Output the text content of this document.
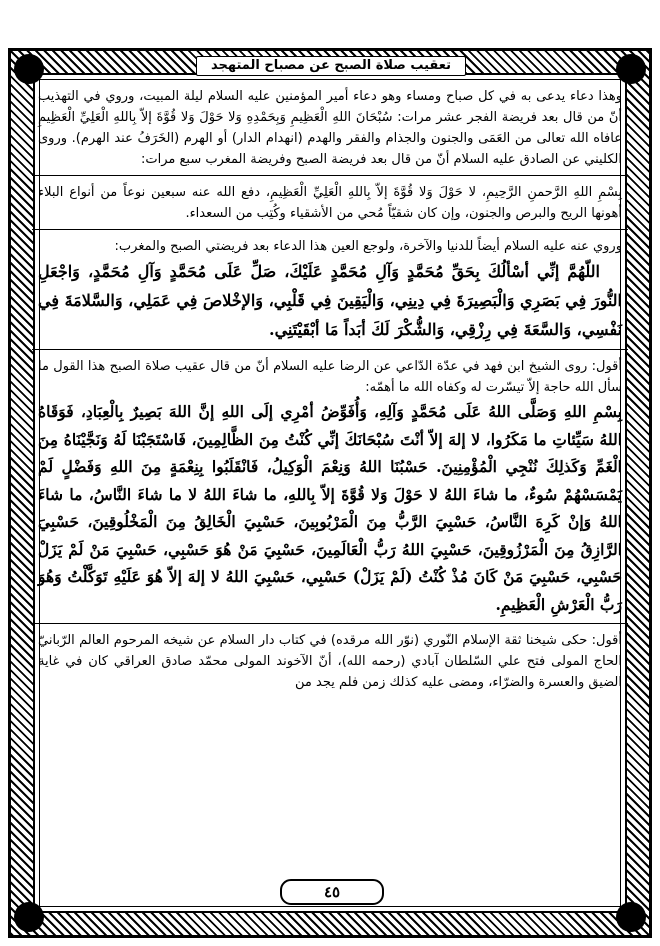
تعقيب صلاة الصبح عن مصباح المتهجد

وهذا دعاء يدعى به في كل صباح ومساء وهو دعاء أمير المؤمنين عليه السلام ليلة المبيت، وروي في التهذيب أنّ من قال بعد فريضة الفجر عشر مرات: سُبْحَانَ اللهِ الْعَظِيمِ وَبِحَمْدِهِ وَلا حَوْلَ وَلا قُوَّةَ إلاّ بِاللهِ الْعَلِيِّ الْعَظِيمِ عافاه الله تعالى من العَمَى والجنون والجذام والفقر والهدم (انهدام الدار) أو الهرم (الخَرَفُ عند الهرم). وروى الكليني عن الصادق عليه السلام أنّ من قال بعد فريضة الصبح وفريضة المغرب سبع مرات:

بِسْمِ اللهِ الرَّحمنِ الرَّحِيمِ، لا حَوْلَ وَلا قُوَّةَ إلاّ بِاللهِ الْعَلِيِّ الْعَظِيمِ، دفع الله عنه سبعين نوعاً من أنواع البلاء أهونها الريح والبرص والجنون، وإن كان شقيّاً مُحي من الأشقياء وكُتِب من السعداء.

وروي عنه عليه السلام أيضاً للدنيا والآخرة، ولوجع العين هذا الدعاء بعد فريضتي الصبح والمغرب:

اللّهُمَّ إنِّي أسْألُكَ بِحَقِّ مُحَمَّدٍ وَآلِ مُحَمَّدٍ عَلَيْكَ، صَلِّ عَلَى مُحَمَّدٍ وَآلِ مُحَمَّدٍ، وَاجْعَلِ النُّورَ فِي بَصَرِي وَالْبَصِيرَةَ فِي دِينِي، وَالْيَقِينَ فِي قَلْبِي، وَالإخْلاصَ فِي عَمَلِي، وَالسَّلامَةَ فِي نَفْسِي، وَالسَّعَةَ فِي رِزْقِي، وَالشُّكْرَ لَكَ أبَداً مَا أبْقَيْتَنِي.

أقول: روى الشيخ ابن فهد في عدّة الدّاعي عن الرضا عليه السلام أنّ من قال عقيب صلاة الصبح هذا القول ما سأل الله حاجة إلاّ تيسّرت له وكفاه الله ما أهمّه:

بِسْمِ اللهِ وَصَلَّى اللهُ عَلَى مُحَمَّدٍ وَآلِهِ، وَأُفَوِّضُ أمْرِي إلَى اللهِ إنَّ اللهَ بَصِيرٌ بِالْعِبَادِ، فَوَقَاهُ اللهُ سَيِّئاتِ ما مَكَرُوا، لا إلهَ إلاّ أنْتَ سُبْحَانَكَ إنِّي كُنْتُ مِنَ الظَّالِمِينَ، فَاسْتَجَبْنَا لَهُ وَنَجَّيْنَاهُ مِنَ الْغَمِّ وَكَذلِكَ نُنْجِي الْمُؤْمِنِينَ. حَسْبُنَا اللهُ وَنِعْمَ الْوَكِيلُ، فَانْقَلَبُوا بِنِعْمَةٍ مِنَ اللهِ وَفَضْلٍ لَمْ يَمْسَسْهُمْ سُوءٌ، ما شاءَ اللهُ لا حَوْلَ وَلا قُوَّةَ إلاّ بِاللهِ، ما شاءَ اللهُ لا ما شاءَ النَّاسُ، ما شاءَ اللهُ وَإنْ كَرِهَ النَّاسُ، حَسْبِيَ الرَّبُّ مِنَ الْمَرْبُوبِينَ، حَسْبِيَ الْخَالِقُ مِنَ الْمَخْلُوقِينَ، حَسْبِيَ الرَّازِقُ مِنَ الْمَرْزُوقِينَ، حَسْبِيَ اللهُ رَبُّ الْعَالَمِينَ، حَسْبِيَ مَنْ هُوَ حَسْبِي، حَسْبِيَ مَنْ لَمْ يَزَلْ حَسْبِي، حَسْبِيَ مَنْ كَانَ مُذْ كُنْتُ (لَمْ يَزَلْ) حَسْبِي، حَسْبِيَ اللهُ لا إلهَ إلاّ هُوَ عَلَيْهِ تَوَكَّلْتُ وَهُوَ رَبُّ الْعَرْشِ الْعَظِيمِ.

أقول: حكى شيخنا ثقة الإسلام النّوري (نوّر الله مرقده) في كتاب دار السلام عن شيخه المرحوم العالم الرّبانيّ الحاج المولى فتح علي السّلطان آبادي (رحمه الله)، أنّ الآخوند المولى محمّد صادق العراقي كان في غاية الضيق والعسرة والضرّاء، ومضى عليه كذلك زمن فلم يجد من

٤٥
